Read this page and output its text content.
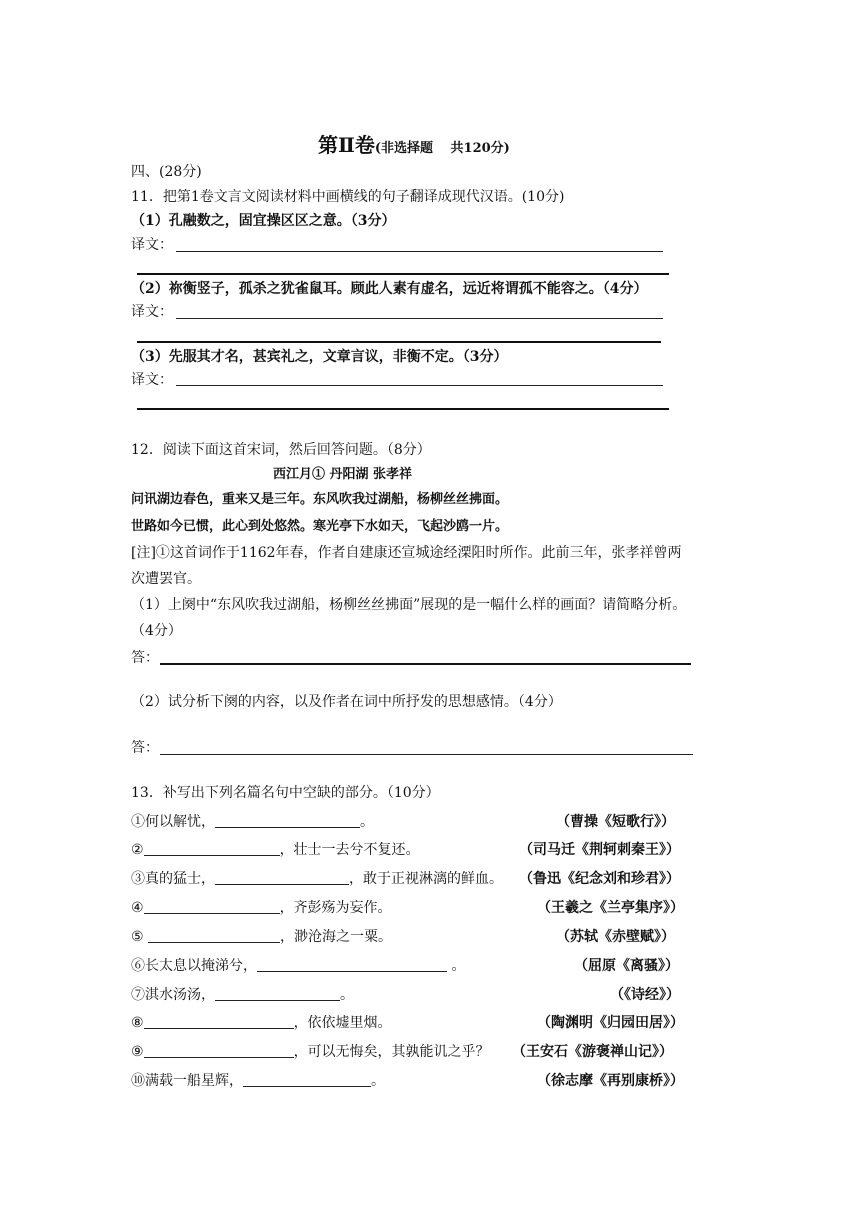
第Ⅱ卷(非选择题　 共120分)
四、(28分)
11．把第1卷文言文阅读材料中画横线的句子翻译成现代汉语。(10分)
（1）孔融数之，固宜操区区之意。（3分）
译文：
（2）祢衡竖子，孤杀之犹雀鼠耳。顾此人素有虚名，远近将谓孤不能容之。（4分）
译文：
（3）先服其才名，甚宾礼之，文章言议，非衡不定。（3分）
译文：
12．阅读下面这首宋词，然后回答问题。（8分）
西江月① 丹阳湖 张孝祥
问讯湖边春色，重来又是三年。东风吹我过湖船，杨柳丝丝拂面。
世路如今已惯，此心到处悠然。寒光亭下水如天，飞起沙鸥一片。
[注]①这首词作于1162年春，作者自建康还宣城途经溧阳时所作。此前三年，张孝祥曾两
次遭罢官。
（1）上阕中“东风吹我过湖船，杨柳丝丝拂面”展现的是一幅什么样的画面？请简略分析。
（4分）
答：
（2）试分析下阕的内容，以及作者在词中所抒发的思想感情。（4分）
答：
13．补写出下列名篇名句中空缺的部分。（10分）
①何以解忧，	。	（曹操《短歌行》）
②	，壮士一去兮不复还。	（司马迁《荆轲刺秦王》）
③真的猛士，	，敢于正视淋漓的鲜血。 （鲁迅《纪念刘和珍君》）
④	，齐彭殇为妄作。	（王羲之《兰亭集序》）
⑤	，渺沧海之一粟。	（苏轼《赤壁赋》）
⑥长太息以掩涕兮，	。	（屈原《离骚》）
⑦淇水汤汤，	。	（《诗经》）
⑧	，依依墟里烟。	（陶渊明《归园田居》）
⑨	，可以无悔矣，其孰能讥之乎？ （王安石《游褒禅山记》）
⑩满载一船星辉，	。	（徐志摩《再别康桥》）
